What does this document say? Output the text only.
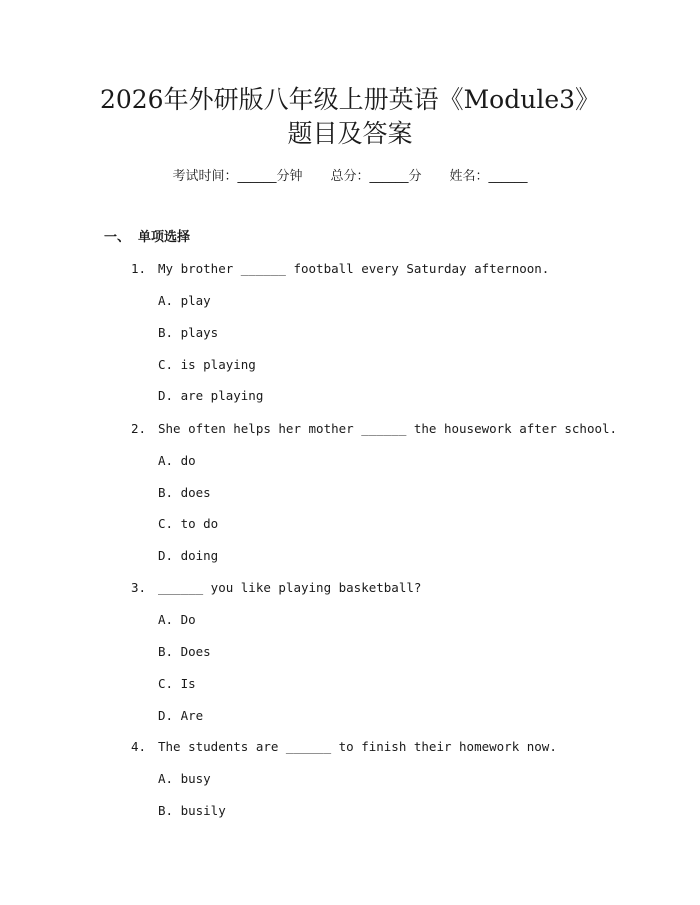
2026年外研版八年级上册英语《Module3》
题目及答案
考试时间：______分钟 总分：______分 姓名：______
一、 单项选择
1. My brother ______ football every Saturday afternoon.
A. play
B. plays
C. is playing
D. are playing
2. She often helps her mother ______ the housework after school.
A. do
B. does
C. to do
D. doing
3. ______ you like playing basketball?
A. Do
B. Does
C. Is
D. Are
4. The students are ______ to finish their homework now.
A. busy
B. busily
